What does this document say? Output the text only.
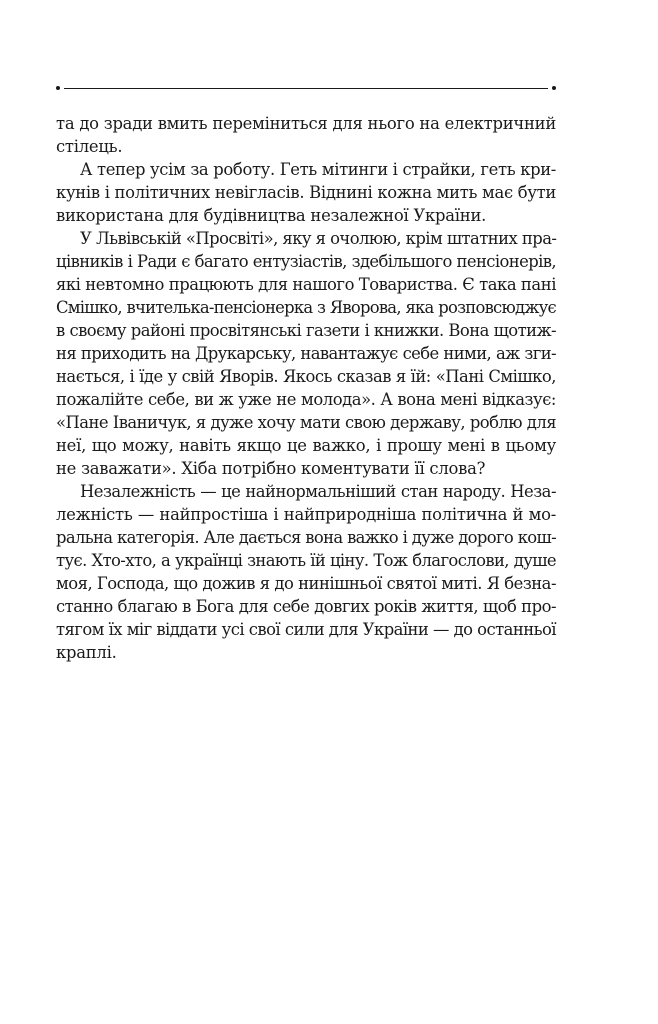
та до зради вмить переміниться для нього на електричний
стілець.
А тепер усім за роботу. Геть мітинги і страйки, геть кри-
кунів і політичних невігласів. Віднині кожна мить має бути
використана для будівництва незалежної України.
У Львівській «Просвіті», яку я очолюю, крім штатних пра-
цівників і Ради є багато ентузіастів, здебільшого пенсіонерів,
які невтомно працюють для нашого Товариства. Є така пані
Смішко, вчителька-пенсіонерка з Яворова, яка розповсюджує
в своєму районі просвітянські газети і книжки. Вона щотиж-
ня приходить на Друкарську, навантажує себе ними, аж зги-
нається, і їде у свій Яворів. Якось сказав я їй: «Пані Смішко,
пожалійте себе, ви ж уже не молода». А вона мені відказує:
«Пане Іваничук, я дуже хочу мати свою державу, роблю для
неї, що можу, навіть якщо це важко, і прошу мені в цьому
не заважати». Хіба потрібно коментувати її слова?
Незалежність — це найнормальніший стан народу. Неза-
лежність — найпростіша і найприродніша політична й мо-
ральна категорія. Але дається вона важко і дуже дорого кош-
тує. Хто-хто, а українці знають їй ціну. Тож благослови, душе
моя, Господа, що дожив я до нинішньої святої миті. Я безна-
станно благаю в Бога для себе довгих років життя, щоб про-
тягом їх міг віддати усі свої сили для України — до останньої
краплі.
